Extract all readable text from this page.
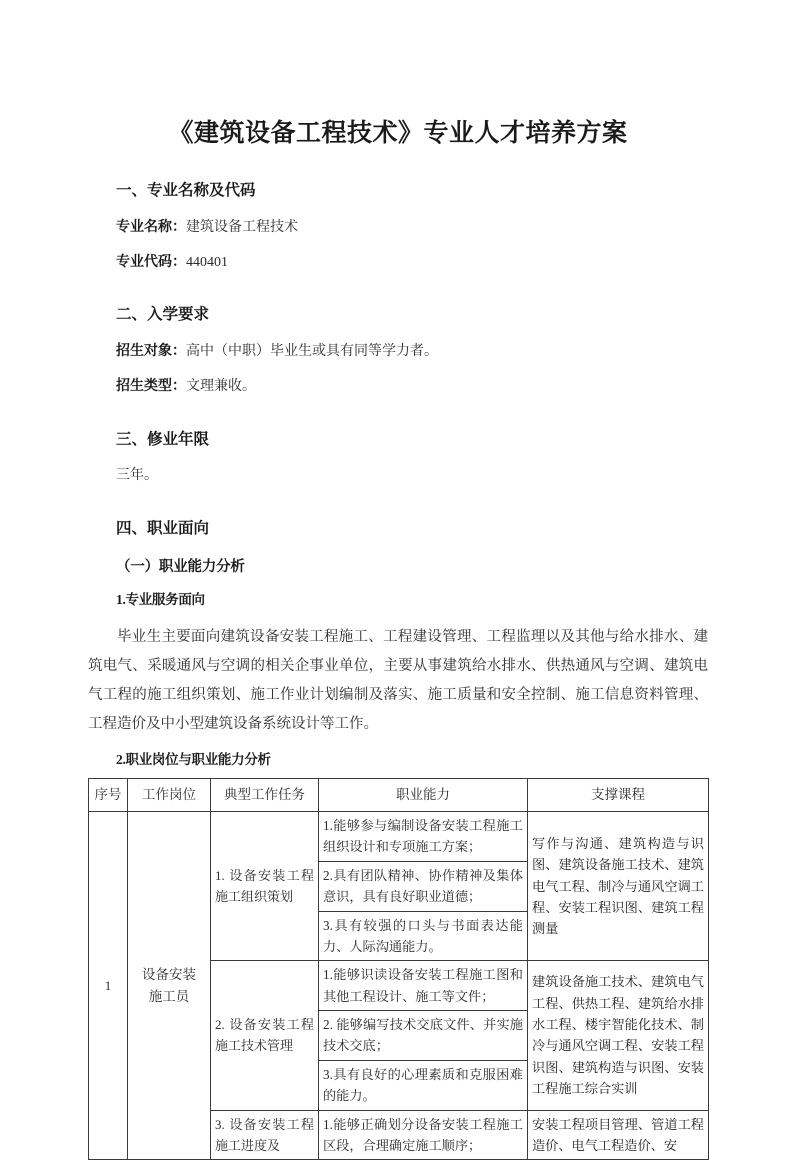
《建筑设备工程技术》专业人才培养方案
一、专业名称及代码

专业名称：建筑设备工程技术

专业代码：440401

二、入学要求

招生对象：高中（中职）毕业生或具有同等学力者。

招生类型：文理兼收。

三、修业年限

三年。

四、职业面向
（一）职业能力分析
1.专业服务面向

毕业生主要面向建筑设备安装工程施工、工程建设管理、工程监理以及其他与给水排水、建筑电气、采暖通风与空调的相关企事业单位，主要从事建筑给水排水、供热通风与空调、建筑电气工程的施工组织策划、施工作业计划编制及落实、施工质量和安全控制、施工信息资料管理、工程造价及中小型建筑设备系统设计等工作。

2.职业岗位与职业能力分析
序号	工作岗位	典型工作任务	职业能力	支撑课程
1	设备安装
施工员	1. 设备安装工程施工组织策划	1.能够参与编制设备安装工程施工组织设计和专项施工方案；	写作与沟通、建筑构造与识图、建筑设备施工技术、建筑电气工程、制冷与通风空调工程、安装工程识图、建筑工程测量
			2.具有团队精神、协作精神及集体意识，具有良好职业道德；	
			3.具有较强的口头与书面表达能力、人际沟通能力。	
		2. 设备安装工程施工技术管理	1.能够识读设备安装工程施工图和其他工程设计、施工等文件；	建筑设备施工技术、建筑电气工程、供热工程、建筑给水排水工程、楼宇智能化技术、制冷与通风空调工程、安装工程识图、建筑构造与识图、安装工程施工综合实训
			2. 能够编写技术交底文件、并实施技术交底；	
			3.具有良好的心理素质和克服困难的能力。	
		3. 设备安装工程施工进度及	1.能够正确划分设备安装工程施工区段，合理确定施工顺序；	安装工程项目管理、管道工程造价、电气工程造价、安
